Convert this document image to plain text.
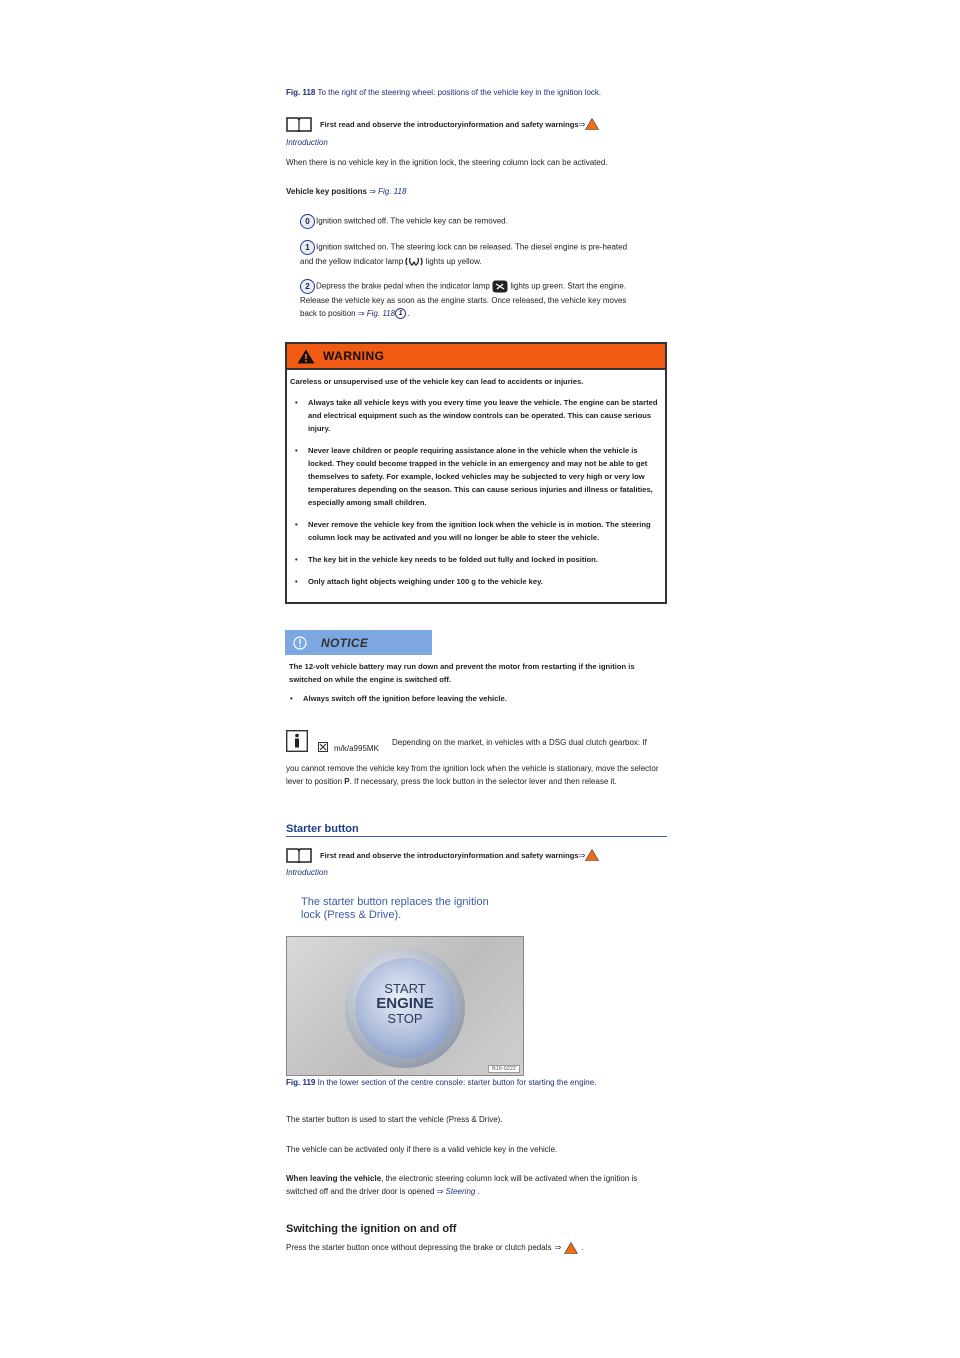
Fig. 118 To the right of the steering wheel: positions of the vehicle key in the ignition lock.
First read and observe the introductoryinformation and safety warnings ⇒
Introduction
When there is no vehicle key in the ignition lock, the steering column lock can be activated.
Vehicle key positions ⇒ Fig. 118
0 Ignition switched off. The vehicle key can be removed.
1 Ignition switched on. The steering lock can be released. The diesel engine is pre-heated
and the yellow indicator lamp	lights up yellow.
2 Depress the brake pedal when the indicator lamp	lights up green. Start the engine.
Release the vehicle key as soon as the engine starts. Once released, the vehicle key moves
back to position ⇒ Fig. 118 1 .
WARNING
Careless or unsupervised use of the vehicle key can lead to accidents or injuries.
• Always take all vehicle keys with you every time you leave the vehicle. The engine can be started and electrical equipment such as the window controls can be operated. This can cause serious injury.
• Never leave children or people requiring assistance alone in the vehicle when the vehicle is locked. They could become trapped in the vehicle in an emergency and may not be able to get themselves to safety. For example, locked vehicles may be subjected to very high or very low temperatures depending on the season. This can cause serious injuries and illness or fatalities, especially among small children.
• Never remove the vehicle key from the ignition lock when the vehicle is in motion. The steering column lock may be activated and you will no longer be able to steer the vehicle.
• The key bit in the vehicle key needs to be folded out fully and locked in position.
• Only attach light objects weighing under 100 g to the vehicle key.
NOTICE
The 12-volt vehicle battery may run down and prevent the motor from restarting if the ignition is switched on while the engine is switched off.
• Always switch off the ignition before leaving the vehicle.
m/k/a995MK
Depending on the market, in vehicles with a DSG dual clutch gearbox: If
you cannot remove the vehicle key from the ignition lock when the vehicle is stationary, move the selector lever to position P. If necessary, press the lock button in the selector lever and then release it.
Starter button
First read and observe the introductoryinformation and safety warnings ⇒
Introduction
The starter button replaces the ignition lock (Press & Drive).
START
ENGINE
STOP
B16-0222
Fig. 119 In the lower section of the centre console: starter button for starting the engine.
The starter button is used to start the vehicle (Press & Drive).
The vehicle can be activated only if there is a valid vehicle key in the vehicle.
When leaving the vehicle, the electronic steering column lock will be activated when the ignition is switched off and the driver door is opened ⇒ Steering .
Switching the ignition on and off
Press the starter button once without depressing the brake or clutch pedals ⇒	.
